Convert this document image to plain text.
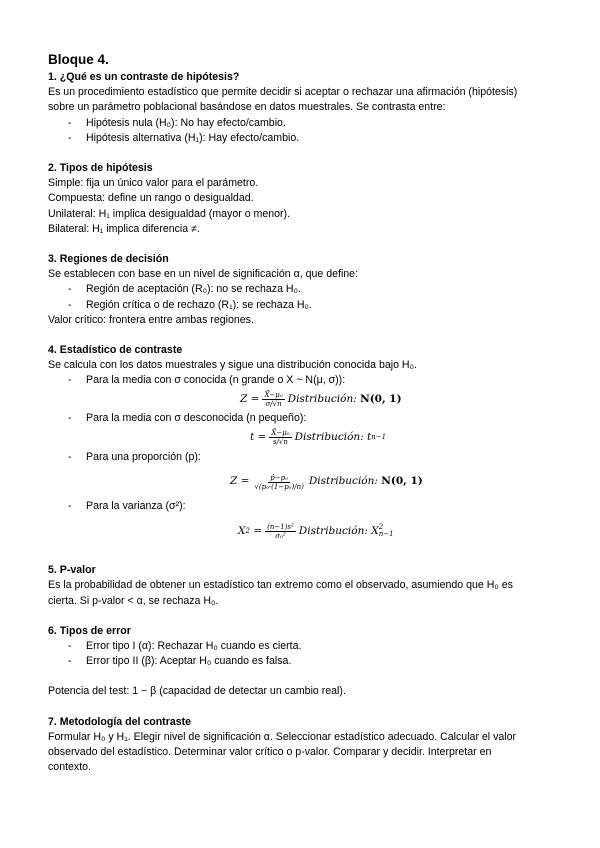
Bloque 4.

1. ¿Qué es un contraste de hipótesis?

Es un procedimiento estadístico que permite decidir si aceptar o rechazar una afirmación (hipótesis)

sobre un parámetro poblacional basándose en datos muestrales. Se contrasta entre:

- Hipótesis nula (H₀): No hay efecto/cambio.
- Hipótesis alternativa (H₁): Hay efecto/cambio.

2. Tipos de hipótesis

Simple: fija un único valor para el parámetro.

Compuesta: define un rango o desigualdad.

Unilateral: H₁ implica desigualdad (mayor o menor).

Bilateral: H₁ implica diferencia ≠.

3. Regiones de decisión

Se establecen con base en un nivel de significación α, que define:

- Región de aceptación (R₀): no se rechaza H₀.
- Región crítica o de rechazo (R₁): se rechaza H₀.

Valor crítico: frontera entre ambas regiones.

4. Estadístico de contraste

Se calcula con los datos muestrales y sigue una distribución conocida bajo H₀.

- Para la media con σ conocida (n grande o X ~ N(μ, σ)):
$Z = \frac{\text{X̄−μ₀}}{\sigma/√n}$ Distribución:
N(0, 1)
- Para la media con σ desconocida (n pequeño):
$t = \frac{\text{X̄−μ₀}}{s/√n}$ Distribución:
t n−1
- Para una proporción (p):
$Z = \frac{\text{p̂−p₀}}{\text{√(p₀·(1−p₀)/n)}}$ Distribución:
N(0, 1)
- Para la varianza (σ²):
X 2
= $\frac{\text{(n−1)s²}}{\text{σ₀²}}$ Distribución:
X 2
n−1

5. P-valor

Es la probabilidad de obtener un estadístico tan extremo como el observado, asumiendo que H₀ es

cierta. Si p-valor < α, se rechaza H₀.

6. Tipos de error

- Error tipo I (α): Rechazar H₀ cuando es cierta.
- Error tipo II (β): Aceptar H₀ cuando es falsa.

Potencia del test: 1 − β (capacidad de detectar un cambio real).

7. Metodología del contraste

Formular H₀ y H₁. Elegir nivel de significación α. Seleccionar estadístico adecuado. Calcular el valor

observado del estadístico. Determinar valor crítico o p-valor. Comparar y decidir. Interpretar en

contexto.
